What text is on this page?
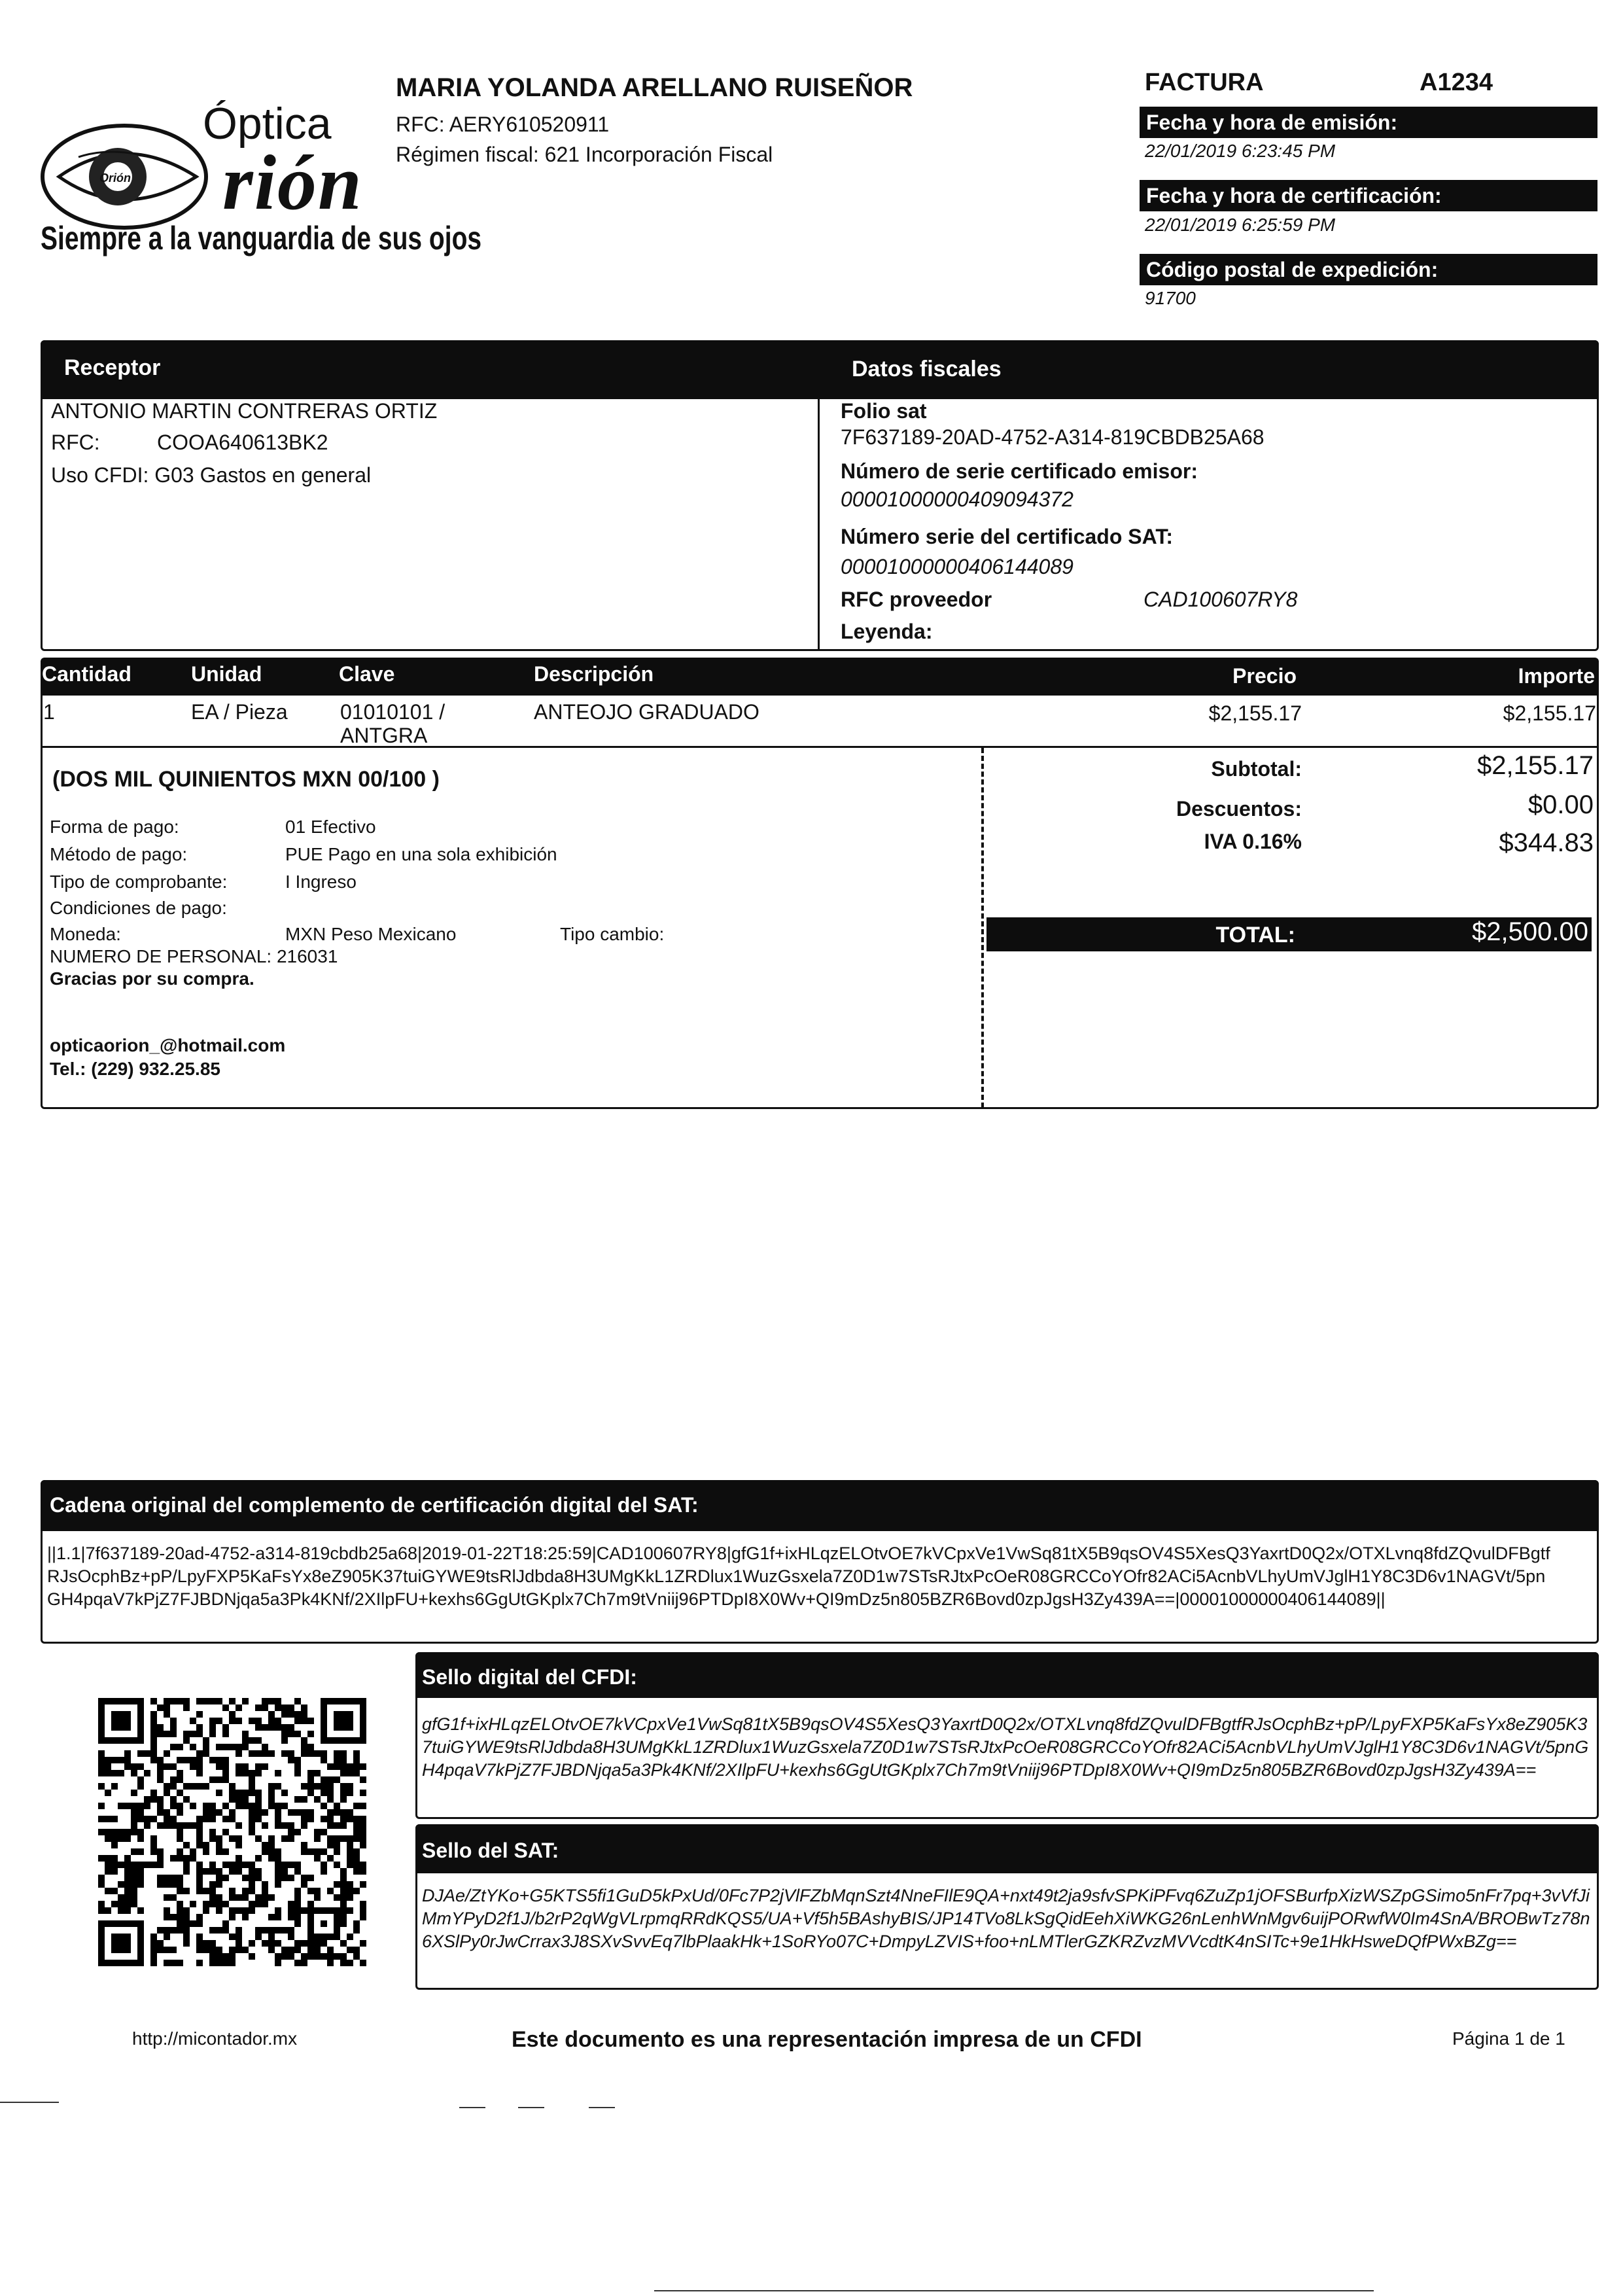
Orión
Óptica
rión
Siempre a la vanguardia de sus ojos
MARIA YOLANDA ARELLANO RUISEÑOR
RFC: AERY610520911
Régimen fiscal: 621 Incorporación Fiscal
FACTURA	A1234
Fecha y hora de emisión:
22/01/2019 6:23:45 PM
Fecha y hora de certificación:
22/01/2019 6:25:59 PM
Código postal de expedición:
91700
Receptor	Datos fiscales
ANTONIO MARTIN CONTRERAS ORTIZ
RFC:	COOA640613BK2
Uso CFDI: G03 Gastos en general
Folio sat
7F637189-20AD-4752-A314-819CBDB25A68
Número de serie certificado emisor:
00001000000409094372
Número serie del certificado SAT:
00001000000406144089
RFC proveedor	CAD100607RY8
Leyenda:
Cantidad	Unidad	Clave	Descripción	Precio	Importe
1	EA / Pieza	01010101 /
ANTGRA
ANTEOJO GRADUADO	$2,155.17	$2,155.17
(DOS MIL QUINIENTOS MXN 00/100 )
Forma de pago:	01 Efectivo
Método de pago:	PUE Pago en una sola exhibición
Tipo de comprobante:	I Ingreso
Condiciones de pago:
Moneda:	MXN Peso Mexicano	Tipo cambio:
NUMERO DE PERSONAL: 216031
Gracias por su compra.
opticaorion_@hotmail.com
Tel.: (229) 932.25.85
Subtotal:	$2,155.17
Descuentos:	$0.00
IVA 0.16%	$344.83
TOTAL:	$2,500.00
Cadena original del complemento de certificación digital del SAT:
||1.1|7f637189-20ad-4752-a314-819cbdb25a68|2019-01-22T18:25:59|CAD100607RY8|gfG1f+ixHLqzELOtvOE7kVCpxVe1VwSq81tX5B9qsOV4S5XesQ3YaxrtD0Q2x/OTXLvnq8fdZQvulDFBgtfRJsOcphBz+pP/LpyFXP5KaFsYx8eZ905K37tuiGYWE9tsRlJdbda8H3UMgKkL1ZRDlux1WuzGsxela7Z0D1w7STsRJtxPcOeR08GRCCoYOfr82ACi5AcnbVLhyUmVJglH1Y8C3D6v1NAGVt/5pnGH4pqaV7kPjZ7FJBDNjqa5a3Pk4KNf/2XIlpFU+kexhs6GgUtGKplx7Ch7m9tVniij96PTDpI8X0Wv+QI9mDz5n805BZR6Bovd0zpJgsH3Zy439A==|00001000000406144089||
Sello digital del CFDI:
gfG1f+ixHLqzELOtvOE7kVCpxVe1VwSq81tX5B9qsOV4S5XesQ3YaxrtD0Q2x/OTXLvnq8fdZQvulDFBgtfRJsOcphBz+pP/LpyFXP5KaFsYx8eZ905K37tuiGYWE9tsRlJdbda8H3UMgKkL1ZRDlux1WuzGsxela7Z0D1w7STsRJtxPcOeR08GRCCoYOfr82ACi5AcnbVLhyUmVJglH1Y8C3D6v1NAGVt/5pnGH4pqaV7kPjZ7FJBDNjqa5a3Pk4KNf/2XIlpFU+kexhs6GgUtGKplx7Ch7m9tVniij96PTDpI8X0Wv+QI9mDz5n805BZR6Bovd0zpJgsH3Zy439A==
Sello del SAT:
DJAe/ZtYKo+G5KTS5fi1GuD5kPxUd/0Fc7P2jVlFZbMqnSzt4NneFIlE9QA+nxt49t2ja9sfvSPKiPFvq6ZuZp1jOFSBurfpXizWSZpGSimo5nFr7pq+3vVfJiMmYPyD2f1J/b2rP2qWgVLrpmqRRdKQS5/UA+Vf5h5BAshyBIS/JP14TVo8LkSgQidEehXiWKG26nLenhWnMgv6uijPORwfW0Im4SnA/BROBwTz78n6XSlPy0rJwCrrax3J8SXvSvvEq7lbPlaakHk+1SoRYo07C+DmpyLZVIS+foo+nLMTlerGZKRZvzMVVcdtK4nSITc+9e1HkHsweDQfPWxBZg==
http://micontador.mx	Este documento es una representación impresa de un CFDI	Página 1 de 1
